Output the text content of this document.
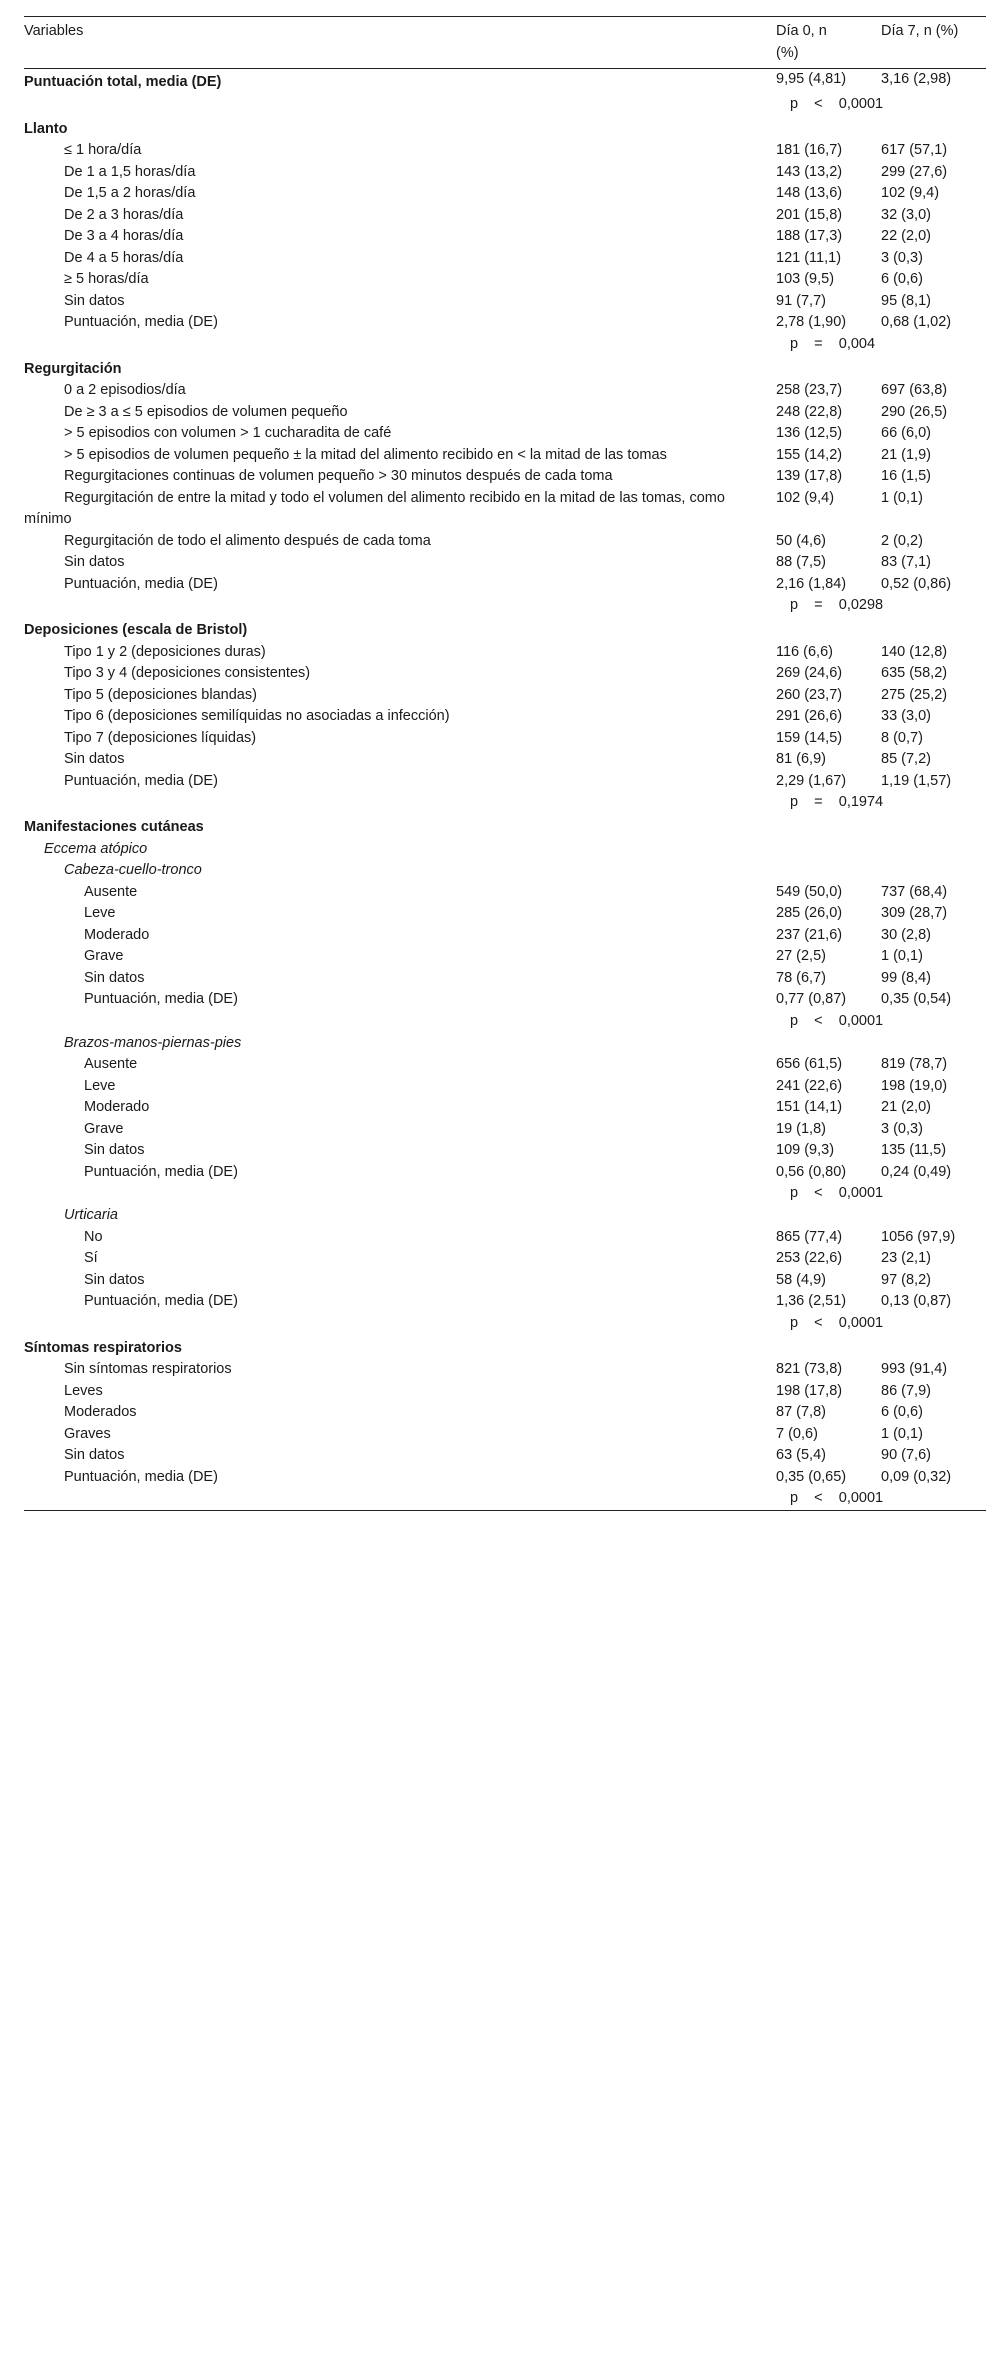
Variables	Día 0, n (%)	Día 7, n (%)
Puntuación total, media (DE)	9,95 (4,81)	3,16 (2,98)
	p    <    0,0001	
Llanto		
≤ 1 hora/día	181 (16,7)	617 (57,1)
De 1 a 1,5 horas/día	143 (13,2)	299 (27,6)
De 1,5 a 2 horas/día	148 (13,6)	102 (9,4)
De 2 a 3 horas/día	201 (15,8)	32 (3,0)
De 3 a 4 horas/día	188 (17,3)	22 (2,0)
De 4 a 5 horas/día	121 (11,1)	3 (0,3)
≥ 5 horas/día	103 (9,5)	6 (0,6)
Sin datos	91 (7,7)	95 (8,1)
Puntuación, media (DE)	2,78 (1,90)	0,68 (1,02)
	p    =    0,004	
Regurgitación		
0 a 2 episodios/día	258 (23,7)	697 (63,8)
De ≥ 3 a ≤ 5 episodios de volumen pequeño	248 (22,8)	290 (26,5)
> 5 episodios con volumen > 1 cucharadita de café	136 (12,5)	66 (6,0)
> 5 episodios de volumen pequeño ± la mitad del alimento recibido en < la mitad de las tomas	155 (14,2)	21 (1,9)
Regurgitaciones continuas de volumen pequeño > 30 minutos después de cada toma	139 (17,8)	16 (1,5)
Regurgitación de entre la mitad y todo el volumen del alimento recibido en la mitad de las tomas, como mínimo	102 (9,4)	1 (0,1)
Regurgitación de todo el alimento después de cada toma	50 (4,6)	2 (0,2)
Sin datos	88 (7,5)	83 (7,1)
Puntuación, media (DE)	2,16 (1,84)	0,52 (0,86)
	p    =    0,0298	
Deposiciones (escala de Bristol)		
Tipo 1 y 2 (deposiciones duras)	116 (6,6)	140 (12,8)
Tipo 3 y 4 (deposiciones consistentes)	269 (24,6)	635 (58,2)
Tipo 5 (deposiciones blandas)	260 (23,7)	275 (25,2)
Tipo 6 (deposiciones semilíquidas no asociadas a infección)	291 (26,6)	33 (3,0)
Tipo 7 (deposiciones líquidas)	159 (14,5)	8 (0,7)
Sin datos	81 (6,9)	85 (7,2)
Puntuación, media (DE)	2,29 (1,67)	1,19 (1,57)
	p    =    0,1974	
Manifestaciones cutáneas		
Eccema atópico		
Cabeza-cuello-tronco		
Ausente	549 (50,0)	737 (68,4)
Leve	285 (26,0)	309 (28,7)
Moderado	237 (21,6)	30 (2,8)
Grave	27 (2,5)	1 (0,1)
Sin datos	78 (6,7)	99 (8,4)
Puntuación, media (DE)	0,77 (0,87)	0,35 (0,54)
	p    <    0,0001	
Brazos-manos-piernas-pies		
Ausente	656 (61,5)	819 (78,7)
Leve	241 (22,6)	198 (19,0)
Moderado	151 (14,1)	21 (2,0)
Grave	19 (1,8)	3 (0,3)
Sin datos	109 (9,3)	135 (11,5)
Puntuación, media (DE)	0,56 (0,80)	0,24 (0,49)
	p    <    0,0001	
Urticaria		
No	865 (77,4)	1056 (97,9)
Sí	253 (22,6)	23 (2,1)
Sin datos	58 (4,9)	97 (8,2)
Puntuación, media (DE)	1,36 (2,51)	0,13 (0,87)
	p    <    0,0001	
Síntomas respiratorios		
Sin síntomas respiratorios	821 (73,8)	993 (91,4)
Leves	198 (17,8)	86 (7,9)
Moderados	87 (7,8)	6 (0,6)
Graves	7 (0,6)	1 (0,1)
Sin datos	63 (5,4)	90 (7,6)
Puntuación, media (DE)	0,35 (0,65)	0,09 (0,32)
	p    <    0,0001	
